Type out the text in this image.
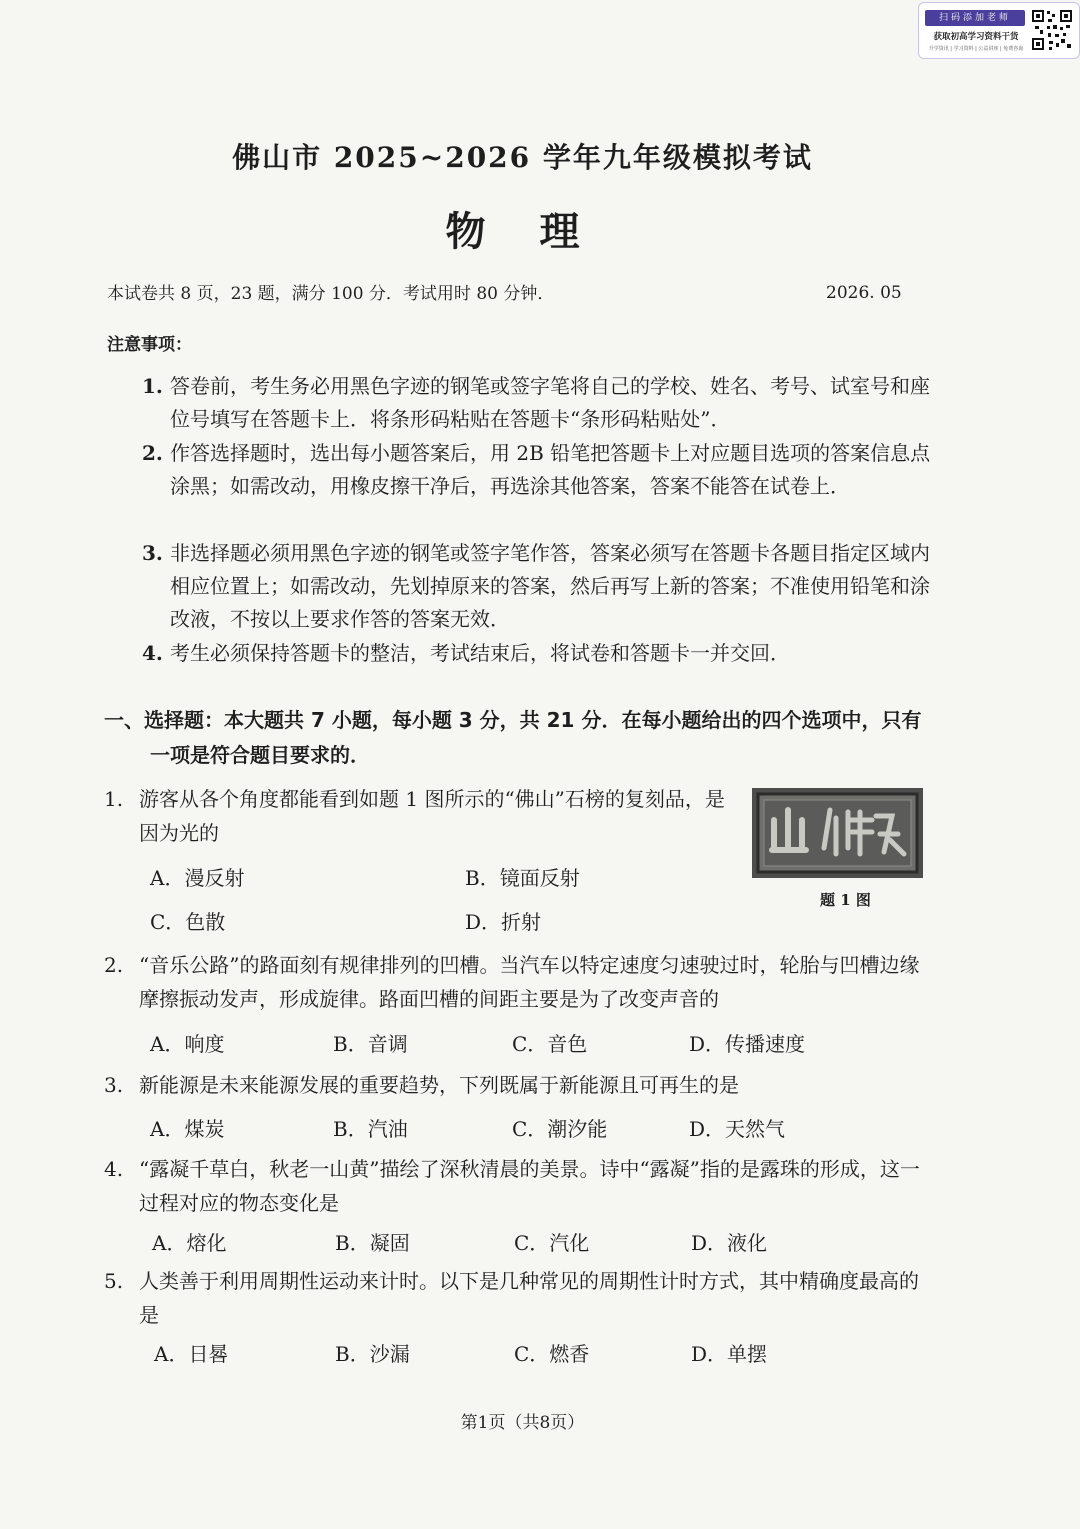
扫码添加老师
获取初高学习资料干货
升学资讯 | 学习资料 | 公益讲座 | 免费咨询
佛山市 2025~2026 学年九年级模拟考试
物 理
本试卷共 8 页，23 题，满分 100 分．考试用时 80 分钟．	2026. 05
注意事项：
1. 答卷前，考生务必用黑色字迹的钢笔或签字笔将自己的学校、姓名、考号、试室号和座位号填写在答题卡上．将条形码粘贴在答题卡“条形码粘贴处”．
2. 作答选择题时，选出每小题答案后，用 2B 铅笔把答题卡上对应题目选项的答案信息点涂黑；如需改动，用橡皮擦干净后，再选涂其他答案，答案不能答在试卷上．
3. 非选择题必须用黑色字迹的钢笔或签字笔作答，答案必须写在答题卡各题目指定区域内相应位置上；如需改动，先划掉原来的答案，然后再写上新的答案；不准使用铅笔和涂改液，不按以上要求作答的答案无效．
4. 考生必须保持答题卡的整洁，考试结束后，将试卷和答题卡一并交回．
一、选择题：本大题共 7 小题，每小题 3 分，共 21 分．在每小题给出的四个选项中，只有一项是符合题目要求的．
1. 游客从各个角度都能看到如题 1 图所示的“佛山”石榜的复刻品，是因为光的
A．漫反射	B．镜面反射
C．色散	D．折射
题 1 图
2. “音乐公路”的路面刻有规律排列的凹槽。当汽车以特定速度匀速驶过时，轮胎与凹槽边缘摩擦振动发声，形成旋律。路面凹槽的间距主要是为了改变声音的
A．响度	B．音调	C．音色	D．传播速度
3. 新能源是未来能源发展的重要趋势，下列既属于新能源且可再生的是
A．煤炭	B．汽油	C．潮汐能	D．天然气
4. “露凝千草白，秋老一山黄”描绘了深秋清晨的美景。诗中“露凝”指的是露珠的形成，这一过程对应的物态变化是
A．熔化	B．凝固	C．汽化	D．液化
5. 人类善于利用周期性运动来计时。以下是几种常见的周期性计时方式，其中精确度最高的是
A．日晷	B．沙漏	C．燃香	D．单摆
第1页（共8页）
